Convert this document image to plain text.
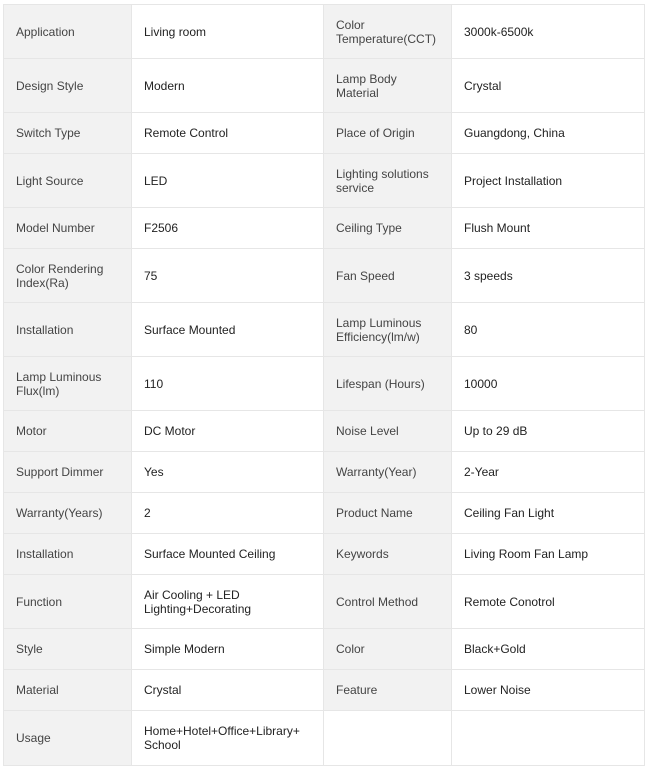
Application	Living room	Color Temperature(CCT)	3000k-6500k
Design Style	Modern	Lamp Body Material	Crystal
Switch Type	Remote Control	Place of Origin	Guangdong, China
Light Source	LED	Lighting solutions service	Project Installation
Model Number	F2506	Ceiling Type	Flush Mount
Color Rendering Index(Ra)	75	Fan Speed	3 speeds
Installation	Surface Mounted	Lamp Luminous Efficiency(lm/w)	80
Lamp Luminous Flux(lm)	110	Lifespan (Hours)	10000
Motor	DC Motor	Noise Level	Up to 29 dB
Support Dimmer	Yes	Warranty(Year)	2-Year
Warranty(Years)	2	Product Name	Ceiling Fan Light
Installation	Surface Mounted Ceiling	Keywords	Living Room Fan Lamp
Function	Air Cooling + LED Lighting+Decorating	Control Method	Remote Conotrol
Style	Simple Modern	Color	Black+Gold
Material	Crystal	Feature	Lower Noise
Usage	Home+Hotel+Office+Library+ School		
